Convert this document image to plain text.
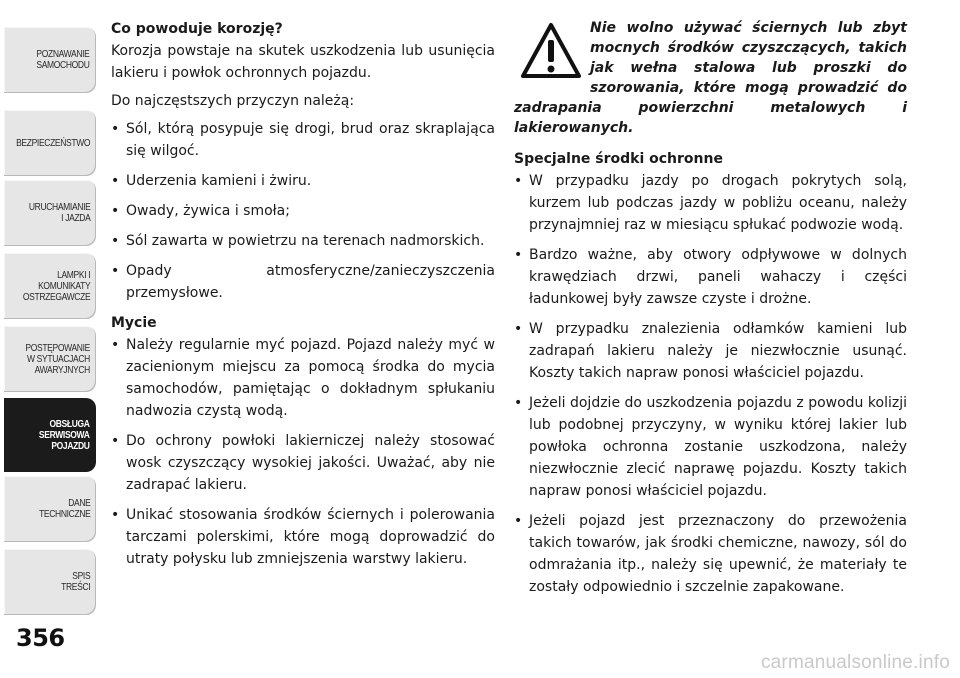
POZNAWANIE
SAMOCHODU
BEZPIECZEŃSTWO
URUCHAMIANIE
I JAZDA
LAMPKI I
KOMUNIKATY
OSTRZEGAWCZE
POSTĘPOWANIE
W SYTUACJACH
AWARYJNYCH
OBSŁUGA
SERWISOWA
POJAZDU
DANE
TECHNICZNE
SPIS
TREŚCI
356

Co powoduje korozję?

Korozja powstaje na skutek uszkodzenia lub usunięcia lakieru i powłok ochronnych pojazdu.

Do najczęstszych przyczyn należą:

• Sól, którą posypuje się drogi, brud oraz skraplająca się wilgoć.
• Uderzenia kamieni i żwiru.
• Owady, żywica i smoła;
• Sól zawarta w powietrzu na terenach nadmorskich.
• Opady atmosferyczne/zanieczyszczenia przemysłowe.

Mycie

• Należy regularnie myć pojazd. Pojazd należy myć w zacienionym miejscu za pomocą środka do mycia samochodów, pamiętając o dokładnym spłukaniu nadwozia czystą wodą.
• Do ochrony powłoki lakierniczej należy stosować wosk czyszczący wysokiej jakości. Uważać, aby nie zadrapać lakieru.
• Unikać stosowania środków ściernych i polerowania tarczami polerskimi, które mogą doprowadzić do utraty połysku lub zmniejszenia warstwy lakieru.

Nie wolno używać ściernych lub zbyt mocnych środków czyszczących, takich jak wełna stalowa lub proszki do szorowania, które mogą prowadzić do zadrapania powierzchni metalowych i lakierowanych.

Specjalne środki ochronne

• W przypadku jazdy po drogach pokrytych solą, kurzem lub podczas jazdy w pobliżu oceanu, należy przynajmniej raz w miesiącu spłukać podwozie wodą.
• Bardzo ważne, aby otwory odpływowe w dolnych krawędziach drzwi, paneli wahaczy i części ładunkowej były zawsze czyste i drożne.
• W przypadku znalezienia odłamków kamieni lub zadrapań lakieru należy je niezwłocznie usunąć. Koszty takich napraw ponosi właściciel pojazdu.
• Jeżeli dojdzie do uszkodzenia pojazdu z powodu kolizji lub podobnej przyczyny, w wyniku której lakier lub powłoka ochronna zostanie uszkodzona, należy niezwłocznie zlecić naprawę pojazdu. Koszty takich napraw ponosi właściciel pojazdu.
• Jeżeli pojazd jest przeznaczony do przewożenia takich towarów, jak środki chemiczne, nawozy, sól do odmrażania itp., należy się upewnić, że materiały te zostały odpowiednio i szczelnie zapakowane.
carmanualsonline.info
